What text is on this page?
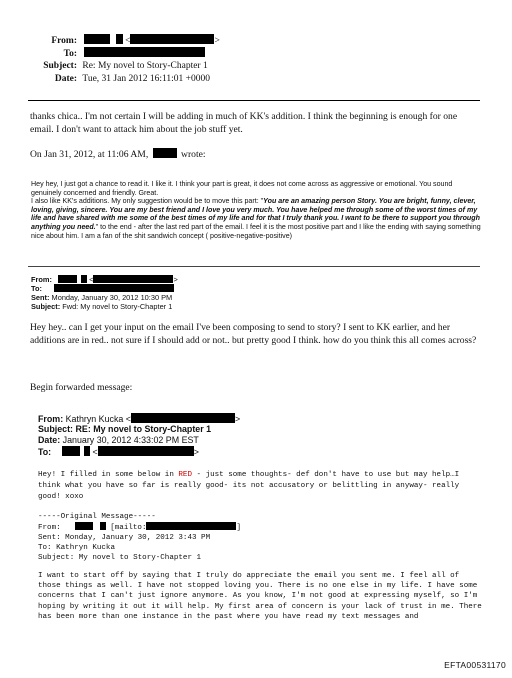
From:	<	>
To:
Subject: Re: My novel to Story-Chapter 1
Date: Tue, 31 Jan 2012 16:11:01 +0000

thanks chica.. I'm not certain I will be adding in much of KK's addition. I think the beginning is enough for one email. I don't want to attack him about the job stuff yet.

On Jan 31, 2012, at 11:06 AM,	wrote:

Hey hey, I just got a chance to read it. I like it. I think your part is great, it does not come across as aggressive or emotional. You sound genuinely concerned and friendly. Great.

I also like KK's additions. My only suggestion would be to move this part: "You are an amazing person Story. You are bright, funny, clever, loving, giving, sincere. You are my best friend and I love you very much. You have helped me through some of the worst times of my life and have shared with me some of the best times of my life and for that I truly thank you. I want to be there to support you through anything you need." to the end - after the last red part of the email. I feel it is the most positive part and I like the ending with saying something nice about him. I am a fan of the shit sandwich concept ( positive-negative-positive)

From:	<	>
To:
Sent: Monday, January 30, 2012 10:30 PM
Subject: Fwd: My novel to Story-Chapter 1

Hey hey.. can I get your input on the email I've been composing to send to story? I sent to KK earlier, and her additions are in red.. not sure if I should add or not.. but pretty good I think. how do you think this all comes across?

Begin forwarded message:

From: Kathryn Kucka <	>
Subject: RE: My novel to Story-Chapter 1
Date: January 30, 2012 4:33:02 PM EST
To:	<	>

Hey! I filled in some below in RED - just some thoughts- def don't have to use but may help…I think what you have so far is really good- its not accusatory or belittling in anyway- really good! xoxo

-----Original Message-----
From:	[mailto:	]
Sent: Monday, January 30, 2012 3:43 PM
To: Kathryn Kucka
Subject: My novel to Story-Chapter 1

I want to start off by saying that I truly do appreciate the email you sent me. I feel all of those things as well. I have not stopped loving you. There is no one else in my life. I have some concerns that I can't just ignore anymore. As you know, I'm not good at expressing myself, so I'm hoping by writing it out it will help. My first area of concern is your lack of trust in me. There has been more than one instance in the past where you have read my text messages and

EFTA00531170
